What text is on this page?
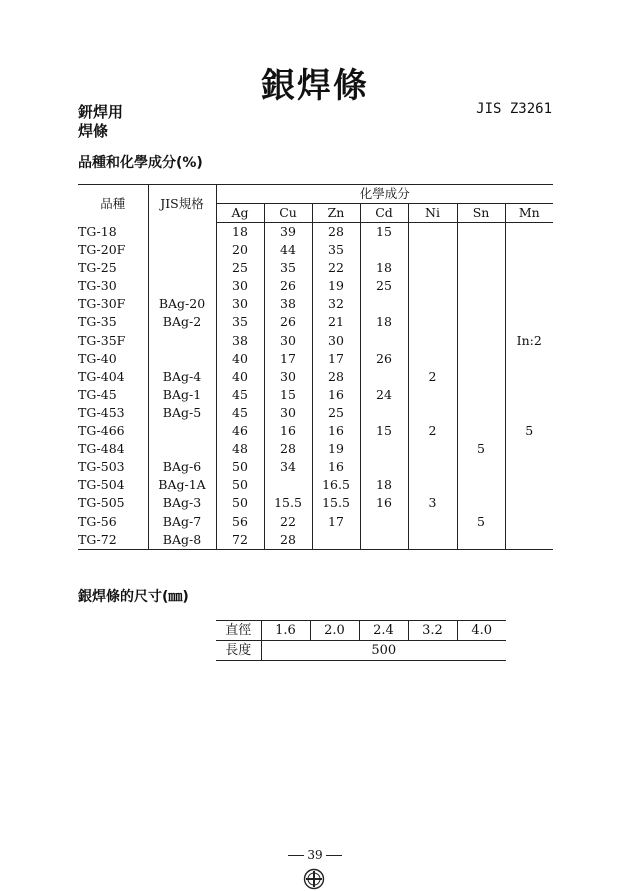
銀焊條
鈃焊用
焊條
JIS Z3261
品種和化學成分(%)
品種	JIS規格	化學成分						
		Ag	Cu	Zn	Cd	Ni	Sn	Mn
TG-18		18	39	28	15			
TG-20F		20	44	35				
TG-25		25	35	22	18			
TG-30		30	26	19	25			
TG-30F	BAg-20	30	38	32				
TG-35	BAg-2	35	26	21	18			
TG-35F		38	30	30				In:2
TG-40		40	17	17	26			
TG-404	BAg-4	40	30	28		2		
TG-45	BAg-1	45	15	16	24			
TG-453	BAg-5	45	30	25				
TG-466		46	16	16	15	2		5
TG-484		48	28	19			5	
TG-503	BAg-6	50	34	16				
TG-504	BAg-1A	50		16.5	18			
TG-505	BAg-3	50	15.5	15.5	16	3		
TG-56	BAg-7	56	22	17			5	
TG-72	BAg-8	72	28					
銀焊條的尺寸(㎜)
直徑	1.6	2.0	2.4	3.2	4.0
長度	500				
39
